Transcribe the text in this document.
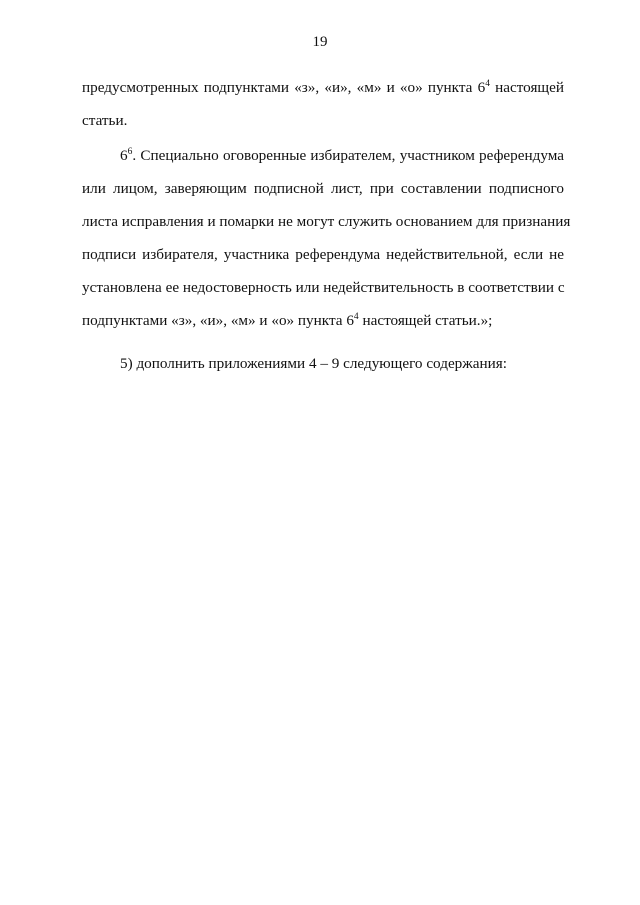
19
предусмотренных подпунктами «з», «и», «м» и «о» пункта $6^4$ настоящей
статьи.
$6^6$. Специально оговоренные избирателем, участником референдума
или лицом, заверяющим подписной лист, при составлении подписного
листа исправления и помарки не могут служить основанием для признания
подписи избирателя, участника референдума недействительной, если не
установлена ее недостоверность или недействительность в соответствии с
подпунктами «з», «и», «м» и «о» пункта $6^4$ настоящей статьи.»;
5) дополнить приложениями 4 – 9 следующего содержания:
